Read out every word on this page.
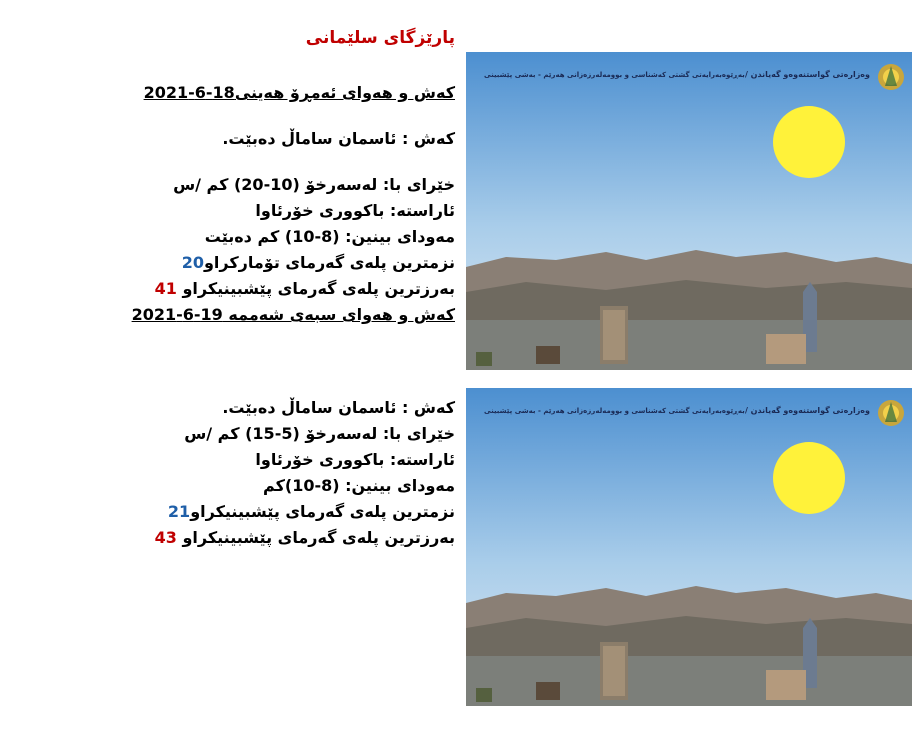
پارێزگای سلێمانی
کەش و هەوای ئەمڕۆ هەینی18-6-2021
کەش : ئاسمان ساماڵ دەبێت.
خێرای با: لەسەرخۆ (10-20) کم /س
ئاراستە: باکووری خۆرئاوا
مەودای بینین: (8-10) کم دەبێت
نزمترین پلەی گەرمای تۆمارکراو20
بەرزترین پلەی گەرمای پێشبینیکراو 41
کەش و هەوای سبەی شەممە 19-6-2021
کەش : ئاسمان ساماڵ دەبێت.
خێرای با: لەسەرخۆ (5-15) کم /س
ئاراستە: باکووری خۆرئاوا
مەودای بینین: (8-10)کم
نزمترین پلەی گەرمای پێشبینیکراو21
بەرزترین پلەی گەرمای پێشبینیکراو 43
وەزارەتی گواستنەوەو گەیاندن /
بەڕێوەبەرایەتی گشتی کەشناسی و بوومەلەرزەزانی هەرێم - بەشی پێشبینی
وەزارەتی گواستنەوەو گەیاندن /
بەڕێوەبەرایەتی گشتی کەشناسی و بوومەلەرزەزانی هەرێم - بەشی پێشبینی
